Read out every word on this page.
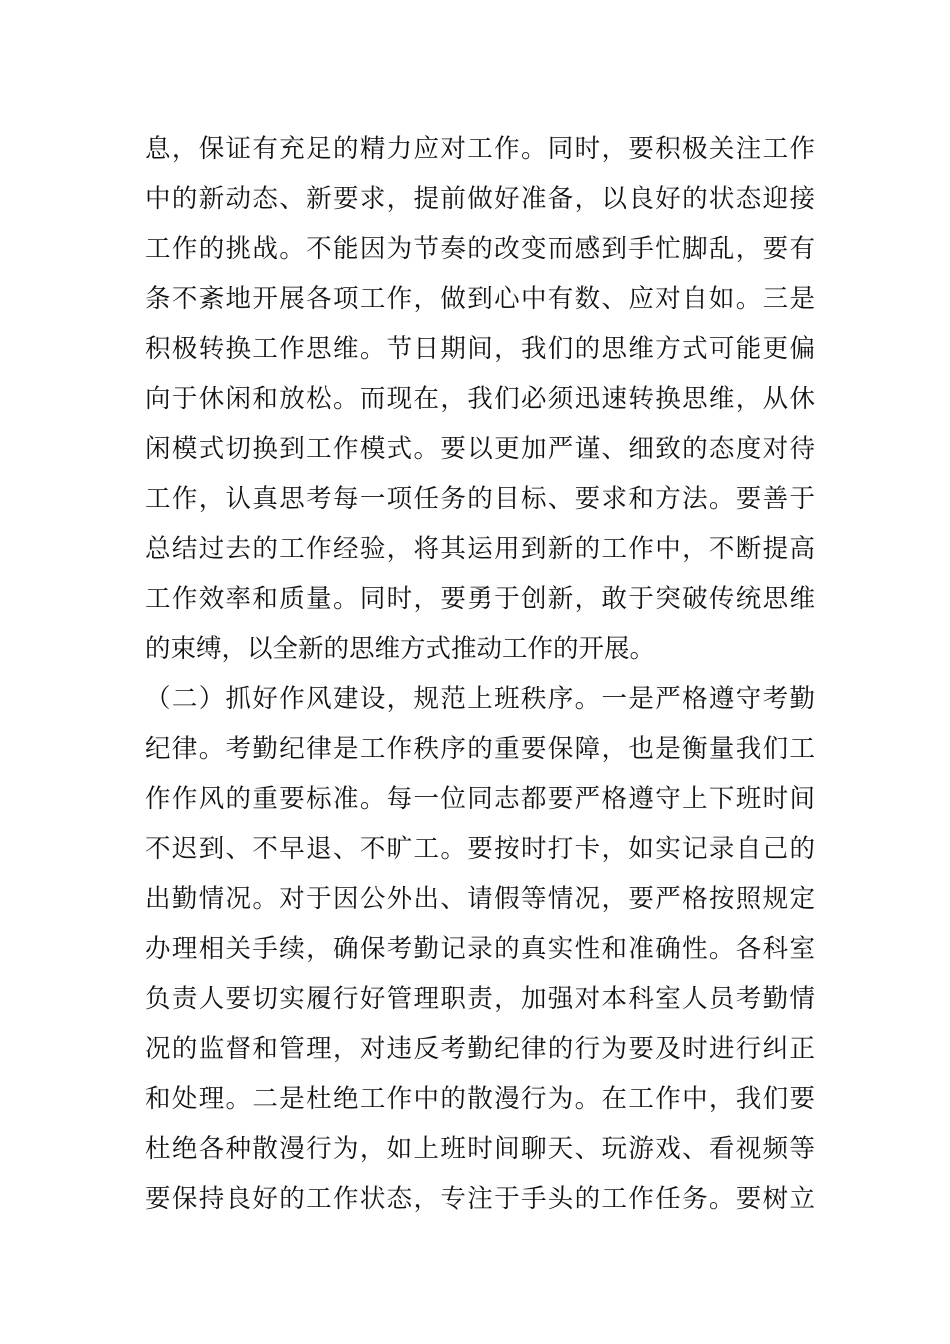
息，保证有充足的精力应对工作。同时，要积极关注工作
中的新动态、新要求，提前做好准备，以良好的状态迎接
工作的挑战。不能因为节奏的改变而感到手忙脚乱，要有
条不紊地开展各项工作，做到心中有数、应对自如。三是
积极转换工作思维。节日期间，我们的思维方式可能更偏
向于休闲和放松。而现在，我们必须迅速转换思维，从休
闲模式切换到工作模式。要以更加严谨、细致的态度对待
工作，认真思考每一项任务的目标、要求和方法。要善于
总结过去的工作经验，将其运用到新的工作中，不断提高
工作效率和质量。同时，要勇于创新，敢于突破传统思维
的束缚，以全新的思维方式推动工作的开展。
（二）抓好作风建设，规范上班秩序。一是严格遵守考勤
纪律。考勤纪律是工作秩序的重要保障，也是衡量我们工
作作风的重要标准。每一位同志都要严格遵守上下班时间
不迟到、不早退、不旷工。要按时打卡，如实记录自己的
出勤情况。对于因公外出、请假等情况，要严格按照规定
办理相关手续，确保考勤记录的真实性和准确性。各科室
负责人要切实履行好管理职责，加强对本科室人员考勤情
况的监督和管理，对违反考勤纪律的行为要及时进行纠正
和处理。二是杜绝工作中的散漫行为。在工作中，我们要
杜绝各种散漫行为，如上班时间聊天、玩游戏、看视频等
要保持良好的工作状态，专注于手头的工作任务。要树立
